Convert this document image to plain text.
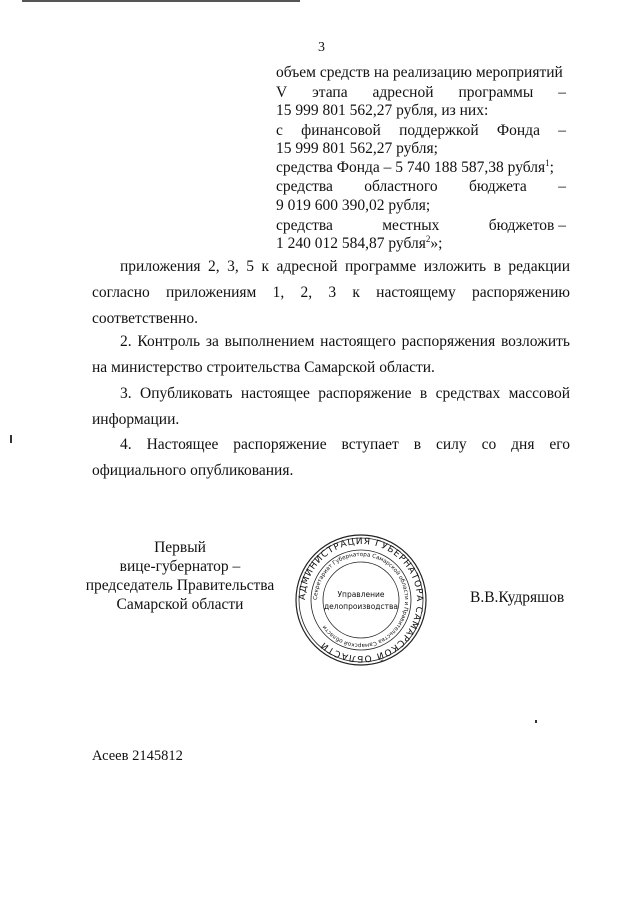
3
объем средств на реализацию мероприятий
V этапа адресной программы –
15 999 801 562,27 рубля, из них:
с финансовой поддержкой Фонда –
15 999 801 562,27 рубля;
средства Фонда – 5 740 188 587,38 рубля$^1$;
средства областного бюджета –
9 019 600 390,02 рубля;
средства	местных	бюджетов –
1 240 012 584,87 рубля$^2$»;
приложения 2, 3, 5 к адресной программе изложить в редакции согласно приложениям 1, 2, 3 к настоящему распоряжению соответственно.
2. Контроль за выполнением настоящего распоряжения возложить на министерство строительства Самарской области.
3. Опубликовать настоящее распоряжение в средствах массовой информации.
4. Настоящее распоряжение вступает в силу со дня его официального опубликования.
Первый
вице-губернатор –
председатель Правительства
Самарской области	АДМИНИСТРАЦИЯ ГУБЕРНАТОРА САМАРСКОЙ ОБЛАСТИ
Секретариат Губернатора Самарской области и Правительства Самарской области
Управление
делопроизводства
В.В.Кудряшов
Асеев 2145812
